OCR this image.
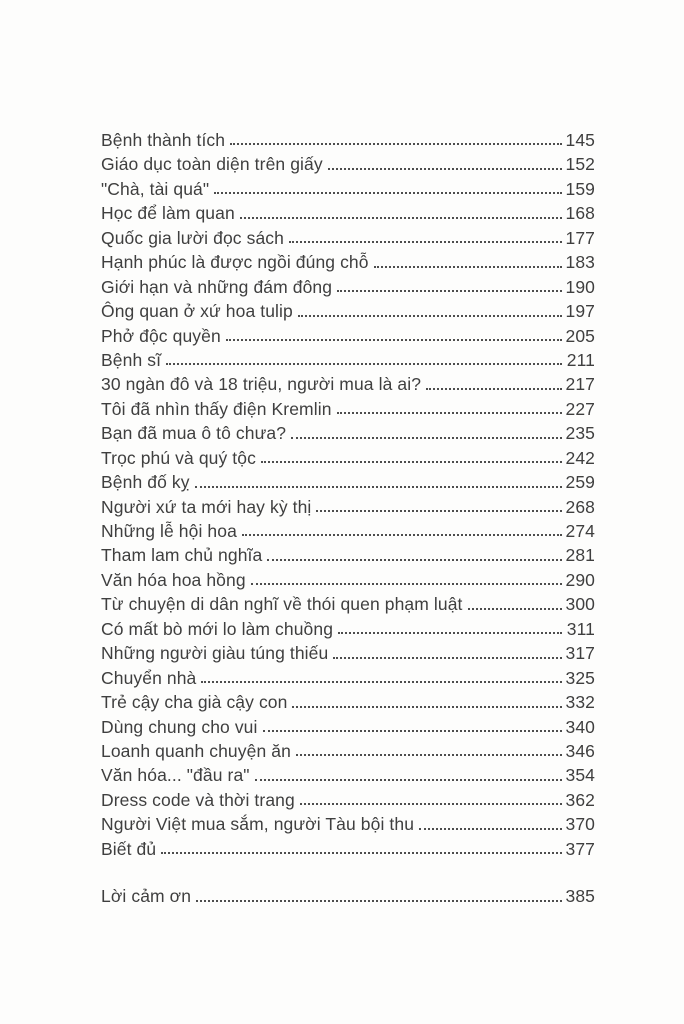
Bệnh thành tích	145
Giáo dục toàn diện trên giấy	152
"Chà, tài quá"	159
Học để làm quan	168
Quốc gia lười đọc sách	177
Hạnh phúc là được ngồi đúng chỗ	183
Giới hạn và những đám đông	190
Ông quan ở xứ hoa tulip	197
Phở độc quyền	205
Bệnh sĩ	211
30 ngàn đô và 18 triệu, người mua là ai?	217
Tôi đã nhìn thấy điện Kremlin	227
Bạn đã mua ô tô chưa?	235
Trọc phú và quý tộc	242
Bệnh đố kỵ	259
Người xứ ta mới hay kỳ thị	268
Những lễ hội hoa	274
Tham lam chủ nghĩa	281
Văn hóa hoa hồng	290
Từ chuyện di dân nghĩ về thói quen phạm luật	300
Có mất bò mới lo làm chuồng	311
Những người giàu túng thiếu	317
Chuyển nhà	325
Trẻ cậy cha già cậy con	332
Dùng chung cho vui	340
Loanh quanh chuyện ăn	346
Văn hóa... "đầu ra"	354
Dress code và thời trang	362
Người Việt mua sắm, người Tàu bội thu	370
Biết đủ	377
Lời cảm ơn	385
